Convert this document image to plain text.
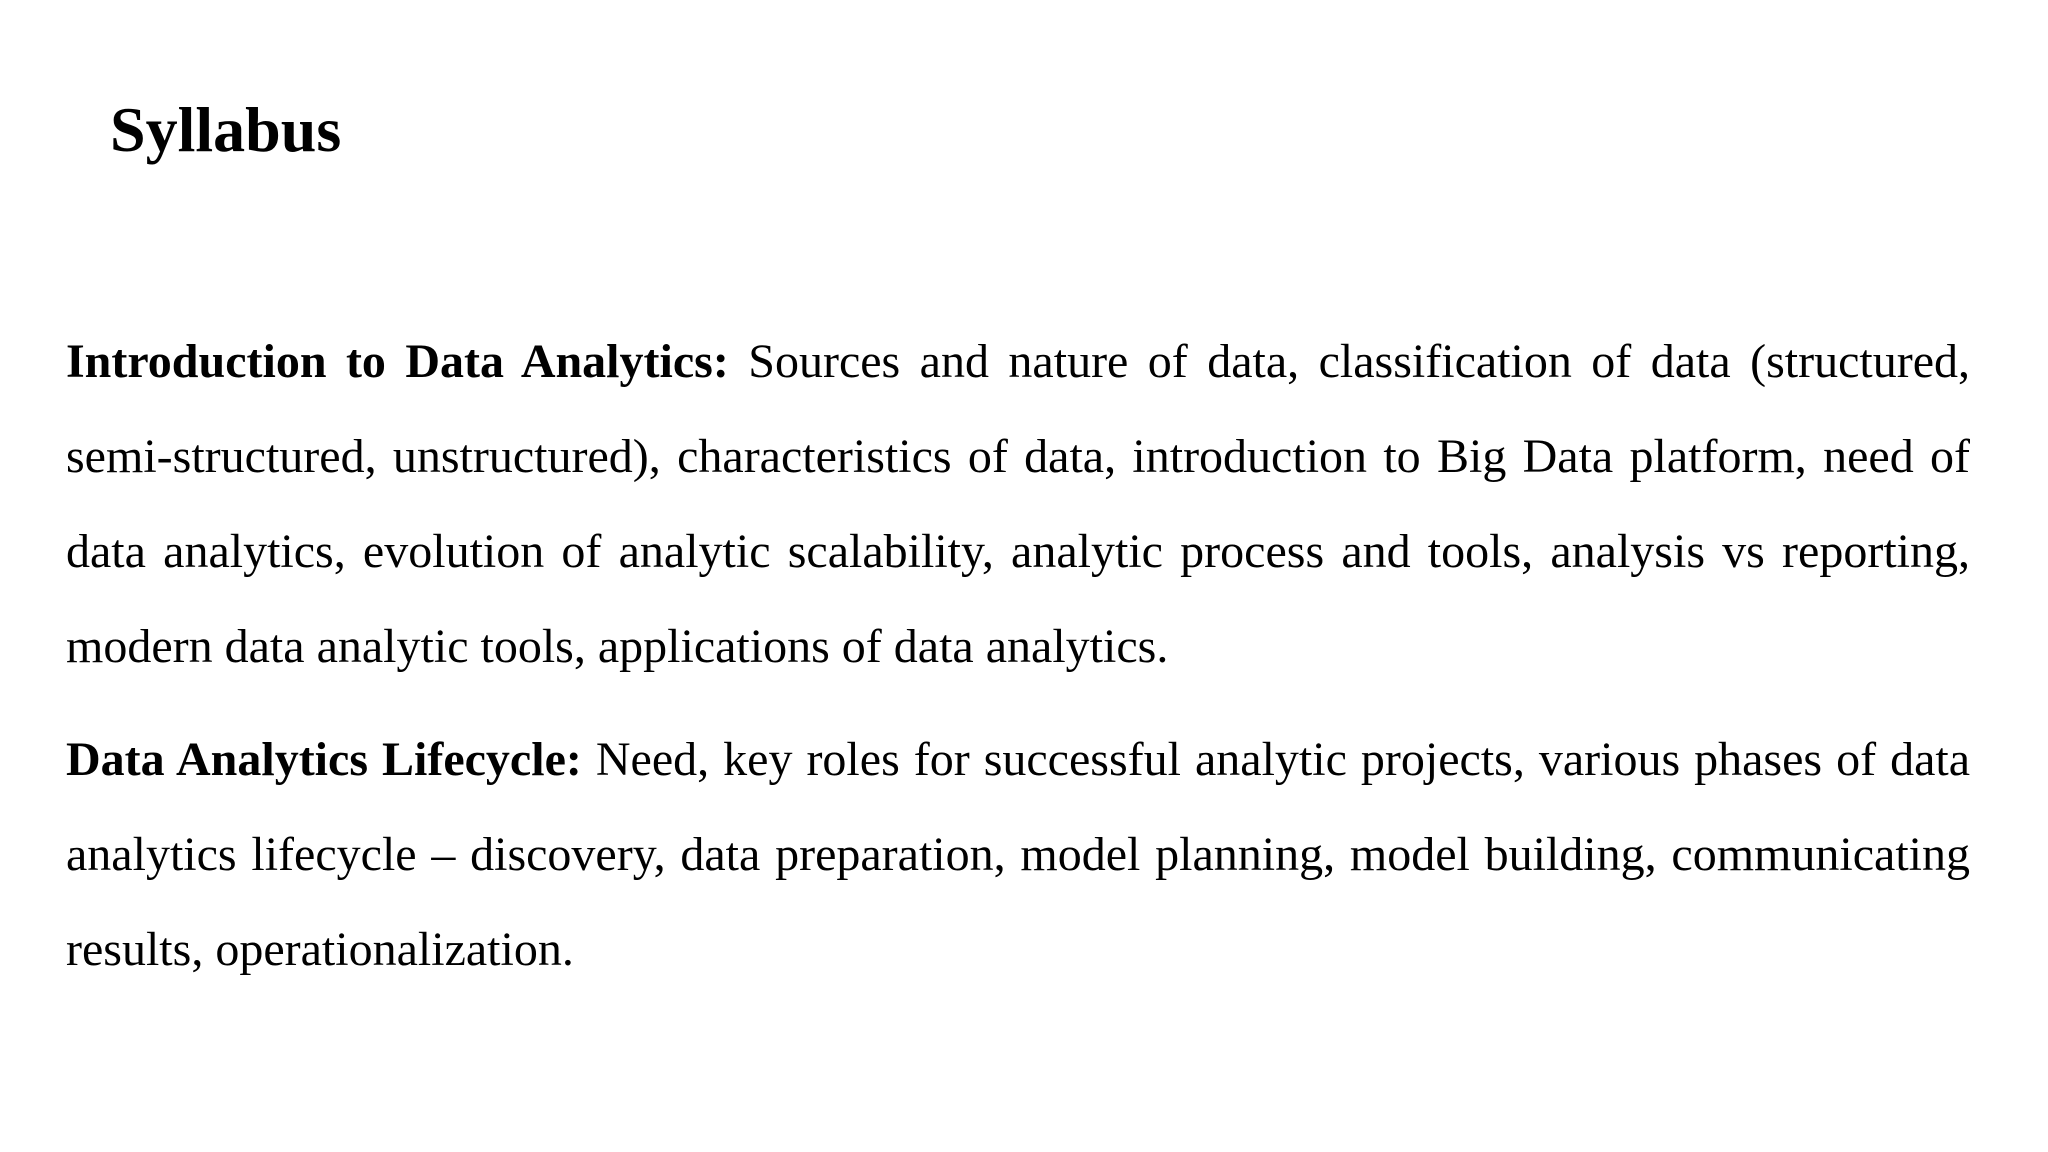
Syllabus

Introduction to Data Analytics: Sources and nature of data, classification of data (structured, semi-structured, unstructured), characteristics of data, introduction to Big Data platform, need of data analytics, evolution of analytic scalability, analytic process and tools, analysis vs reporting, modern data analytic tools, applications of data analytics.

Data Analytics Lifecycle: Need, key roles for successful analytic projects, various phases of data analytics lifecycle – discovery, data preparation, model planning, model building, communicating results, operationalization.
